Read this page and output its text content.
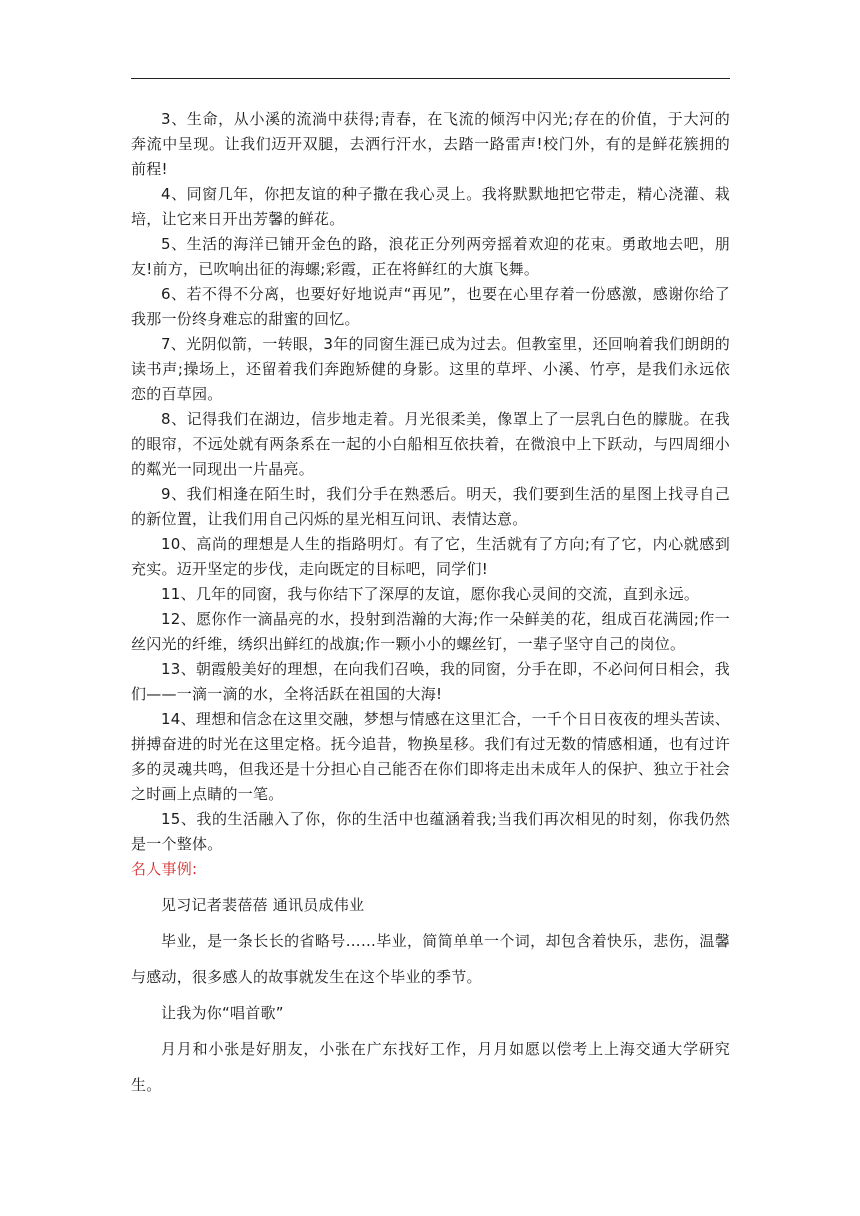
3、生命，从小溪的流淌中获得;青春，在飞流的倾泻中闪光;存在的价值，于大河的奔流中呈现。让我们迈开双腿，去洒行汗水，去踏一路雷声!校门外，有的是鲜花簇拥的前程!

4、同窗几年，你把友谊的种子撒在我心灵上。我将默默地把它带走，精心浇灌、栽培，让它来日开出芳馨的鲜花。

5、生活的海洋已铺开金色的路，浪花正分列两旁摇着欢迎的花束。勇敢地去吧，朋友!前方，已吹响出征的海螺;彩霞，正在将鲜红的大旗飞舞。

6、若不得不分离，也要好好地说声“再见”，也要在心里存着一份感激，感谢你给了我那一份终身难忘的甜蜜的回忆。

7、光阴似箭，一转眼，3年的同窗生涯已成为过去。但教室里，还回响着我们朗朗的读书声;操场上，还留着我们奔跑矫健的身影。这里的草坪、小溪、竹亭，是我们永远依恋的百草园。

8、记得我们在湖边，信步地走着。月光很柔美，像罩上了一层乳白色的朦胧。在我的眼帘，不远处就有两条系在一起的小白船相互依扶着，在微浪中上下跃动，与四周细小的粼光一同现出一片晶亮。

9、我们相逢在陌生时，我们分手在熟悉后。明天，我们要到生活的星图上找寻自己的新位置，让我们用自己闪烁的星光相互问讯、表情达意。

10、高尚的理想是人生的指路明灯。有了它，生活就有了方向;有了它，内心就感到充实。迈开坚定的步伐，走向既定的目标吧，同学们!

11、几年的同窗，我与你结下了深厚的友谊，愿你我心灵间的交流，直到永远。

12、愿你作一滴晶亮的水，投射到浩瀚的大海;作一朵鲜美的花，组成百花满园;作一丝闪光的纤维，绣织出鲜红的战旗;作一颗小小的螺丝钉，一辈子坚守自己的岗位。

13、朝霞般美好的理想，在向我们召唤，我的同窗，分手在即，不必问何日相会，我们——一滴一滴的水，全将活跃在祖国的大海!

14、理想和信念在这里交融，梦想与情感在这里汇合，一千个日日夜夜的埋头苦读、拼搏奋进的时光在这里定格。抚今追昔，物换星移。我们有过无数的情感相通，也有过许多的灵魂共鸣，但我还是十分担心自己能否在你们即将走出未成年人的保护、独立于社会之时画上点睛的一笔。

15、我的生活融入了你，你的生活中也蕴涵着我;当我们再次相见的时刻，你我仍然是一个整体。

名人事例:

见习记者裴蓓蓓 通讯员成伟业

毕业，是一条长长的省略号……毕业，简简单单一个词，却包含着快乐，悲伤，温馨与感动，很多感人的故事就发生在这个毕业的季节。

让我为你“唱首歌”

月月和小张是好朋友，小张在广东找好工作，月月如愿以偿考上上海交通大学研究生。
